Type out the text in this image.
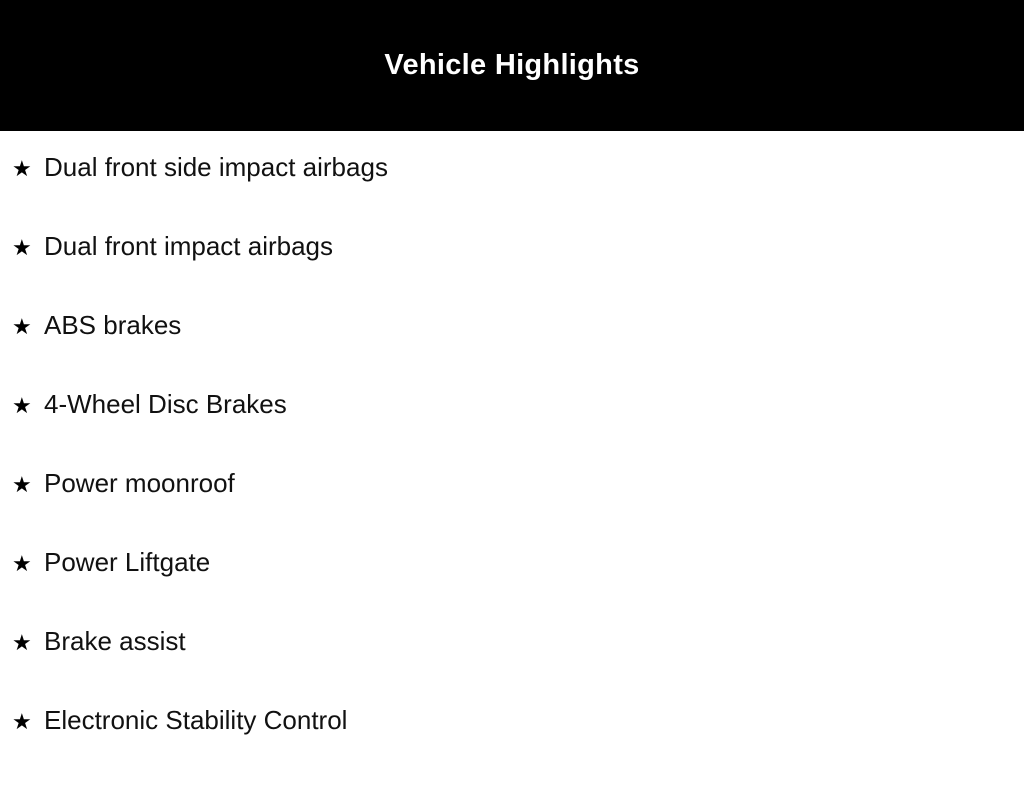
Vehicle Highlights
★ Dual front side impact airbags
★ Dual front impact airbags
★ ABS brakes
★ 4-Wheel Disc Brakes
★ Power moonroof
★ Power Liftgate
★ Brake assist
★ Electronic Stability Control
